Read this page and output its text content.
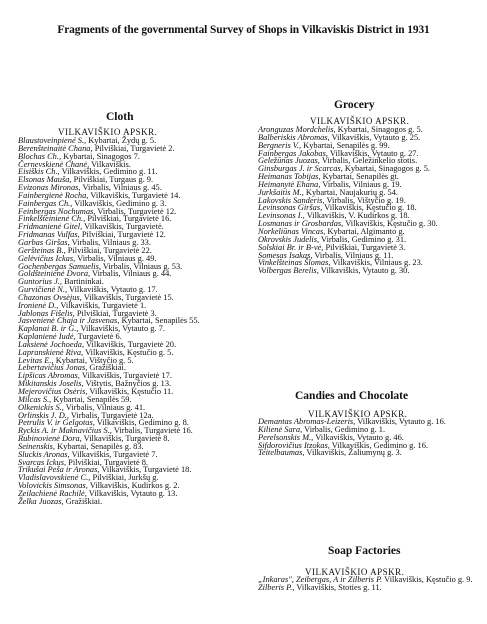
Fragments of the governmental Survey of Shops in Vilkaviskis District in 1931
Cloth
VILKAVIŠKIO APSKR.
Blaustoveinpiené S., Kybartai, Žydų g. 5.
Berenšteinaitė Chana, Pilviškiai, Turgavietė 2.
Blochas Ch., Kybartai, Sinagogos 7.
Černevskienė Chanė, Vilkaviškis.
Eisiškis Ch., Vilkaviškis, Gedimino g. 11.
Elsonas Mauša, Pilviškiai, Turgaus g. 9.
Evizonas Mironas, Virbalis, Vilniaus g. 45.
Fainbergienė Rocha, Vilkaviškis, Turgavietė 14.
Fainbergas Ch., Vilkaviškis, Gedimino g. 3.
Feinbergas Nochumas, Virbalis, Turgavietė 12.
Finkelšteinienė Ch., Pilviškiai, Turgavietė 16.
Fridmanienė Gitel, Vilkaviškis, Turgavietė.
Fridmanas Vulfas, Pilviškiai, Turgavietė 12.
Garbas Giršas, Virbalis, Vilniaus g. 33.
Geršteinas B., Pilviškiai, Turgavietė 22.
Gelėvičius Ickas, Virbalis, Vilniaus g. 49.
Gochenbergas Samuelis, Virbalis, Vilniaus g. 53.
Goldšteinienė Dvora, Virbalis, Vilniaus g. 44.
Guntorius J., Bartininkai.
Gurvičienė N., Vilkaviškis, Vytauto g. 17.
Chazonas Ovsėjus, Vilkaviškis, Turgavietė 15.
Ironienė D., Vilkaviškis, Turgavietė 1.
Jablonas Fišelis, Pilviškiai, Turgavietė 3.
Jasvenienė Chaja ir Jasvenas, Kybartai, Senapilės 55.
Kaplanai B. ir G., Vilkaviškis, Vytauto g. 7.
Kaplanienė Iudė, Turgavietė 6.
Laksienė Jochoeda, Vilkaviškis, Turgavietė 20.
Lapranskienė Riva, Vilkaviškis, Kęstučio g. 5.
Levitas E., Kybartai, Vištyčio g. 5.
Lebertavičius Jonas, Gražiškiai.
Lipšicas Abromas, Vilkaviškis, Turgavietė 17.
Mikitanskis Joselis, Vištytis, Bažnyčios g. 13.
Mejerovičius Osėris, Vilkaviškis, Kęstučio 11.
Milcas S., Kybartai, Senapilės 59.
Olkenickis S., Virbalis, Vilniaus g. 41.
Orlinskis J. D., Virbalis, Turgavietė 12a.
Petrulis V. ir Gelgotas, Vilkaviškis, Gedimino g. 8.
Ryckis A. ir Maknavičius S., Virbalis, Turgavietė 16.
Rubinovienė Dora, Vilkaviškis, Turgavietė 8.
Seinenskis, Kybartai, Senapilės g. 83.
Sluckis Aronas, Vilkaviškis, Turgavietė 7.
Svarcas Ickus, Pilviškiai, Turgavietė 8.
Trikušai Peša ir Aronas, Vilkaviškis, Turgavietė 18.
Vladislavovskienė C., Pilviškiai, Jurkšų g.
Volovickis Simsonas, Vilkaviškis, Kudirkos g. 2.
Zeilachienė Rachilė, Vilkaviškis, Vytauto g. 13.
Želka Juozas, Gražiškiai.
Grocery
VILKAVIŠKIO APSKR.
Aronguzas Mordchelis, Kybartai, Sinagogos g. 5.
Balberiskis Abromas, Vilkaviškis, Vytauto g. 25.
Bergneris V., Kybartai, Senapilės g. 99.
Fainbergas Jakobas, Vilkaviškis, Vytauto g. 27.
Geležūnas Juozas, Virbalis, Geležinkelio stotis.
Ginsburgas J. ir Scarcas, Kybartai, Sinagogos g. 5.
Heimanas Tobijas, Kybartai, Senapilės gt.
Heimanytė Ehana, Virbalis, Vilniaus g. 19.
Jurkšaitis M., Kybartai, Naujakurių g. 54.
Lakovskis Sanderis, Virbalis, Vištyčio g. 19.
Levinsonas Giršas, Vilkaviškis, Kęstučio g. 18.
Levinsonas I., Vilkaviškis, V. Kudirkos g. 18.
Losmanas ir Grosbardas, Vilkaviškis, Kęstučio g. 30.
Norkeliūnas Vincas, Kybartai, Algimanto g.
Okrovskis Judelis, Virbalis, Gedimino g. 31.
Solskiai Br. ir B-vė, Pilviškiai, Turgavietė 3.
Somesas Isakas, Virbalis, Vilniaus g. 11.
Vinkelšteinas Šlomas, Vilkaviškis, Vilniaus g. 23.
Volbergas Berelis, Vilkaviškis, Vytauto g. 30.
Candies and Chocolate
VILKAVIŠKIO APSKR.
Demantas Abromas-Leizeris, Vilkaviškis, Vytauto g. 16.
Kilienė Sara, Virbalis, Gedimino g. 1.
Perelsonskis M., Vilkaviškis, Vytauto g. 46.
Sifdorovičius Itzokas, Vilkaviškis, Gedimino g. 16.
Teitelbaumas, Vilkaviškis, Žaliumynų g. 3.
Soap Factories
VILKAVIŠKIO APSKR.
„Inkaras", Zeibergas, A ir Zilberis P. Vilkaviškis, Kęstučio g. 9.
Zilberis P., Vilkaviškis, Stoties g. 11.
